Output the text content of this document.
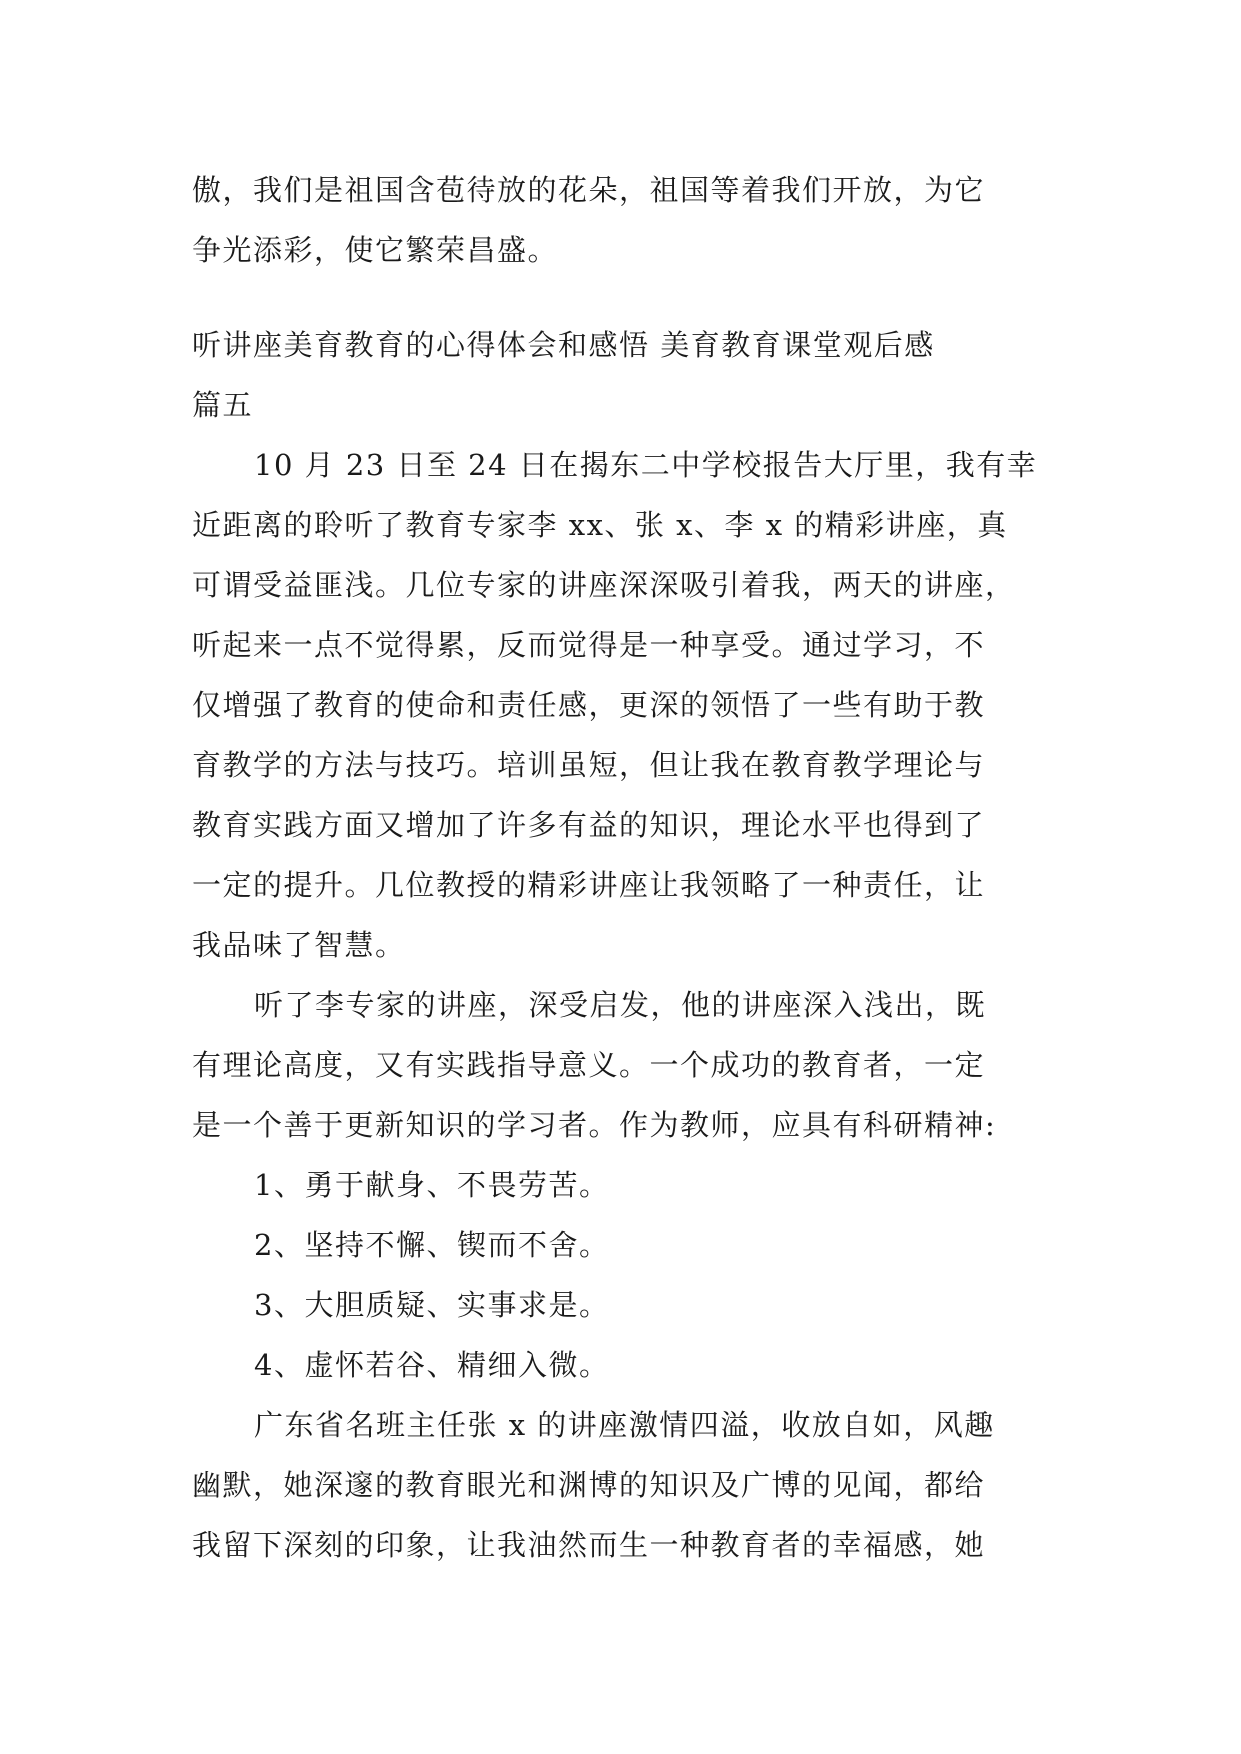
傲，我们是祖国含苞待放的花朵，祖国等着我们开放，为它
争光添彩，使它繁荣昌盛。
听讲座美育教育的心得体会和感悟 美育教育课堂观后感
篇五
10 月 23 日至 24 日在揭东二中学校报告大厅里，我有幸
近距离的聆听了教育专家李 xx、张 x、李 x 的精彩讲座，真
可谓受益匪浅。几位专家的讲座深深吸引着我，两天的讲座，
听起来一点不觉得累，反而觉得是一种享受。通过学习，不
仅增强了教育的使命和责任感，更深的领悟了一些有助于教
育教学的方法与技巧。培训虽短，但让我在教育教学理论与
教育实践方面又增加了许多有益的知识，理论水平也得到了
一定的提升。几位教授的精彩讲座让我领略了一种责任，让
我品味了智慧。
听了李专家的讲座，深受启发，他的讲座深入浅出，既
有理论高度，又有实践指导意义。一个成功的教育者，一定
是一个善于更新知识的学习者。作为教师，应具有科研精神:
1、勇于献身、不畏劳苦。
2、坚持不懈、锲而不舍。
3、大胆质疑、实事求是。
4、虚怀若谷、精细入微。
广东省名班主任张 x 的讲座激情四溢，收放自如，风趣
幽默，她深邃的教育眼光和渊博的知识及广博的见闻，都给
我留下深刻的印象，让我油然而生一种教育者的幸福感，她
